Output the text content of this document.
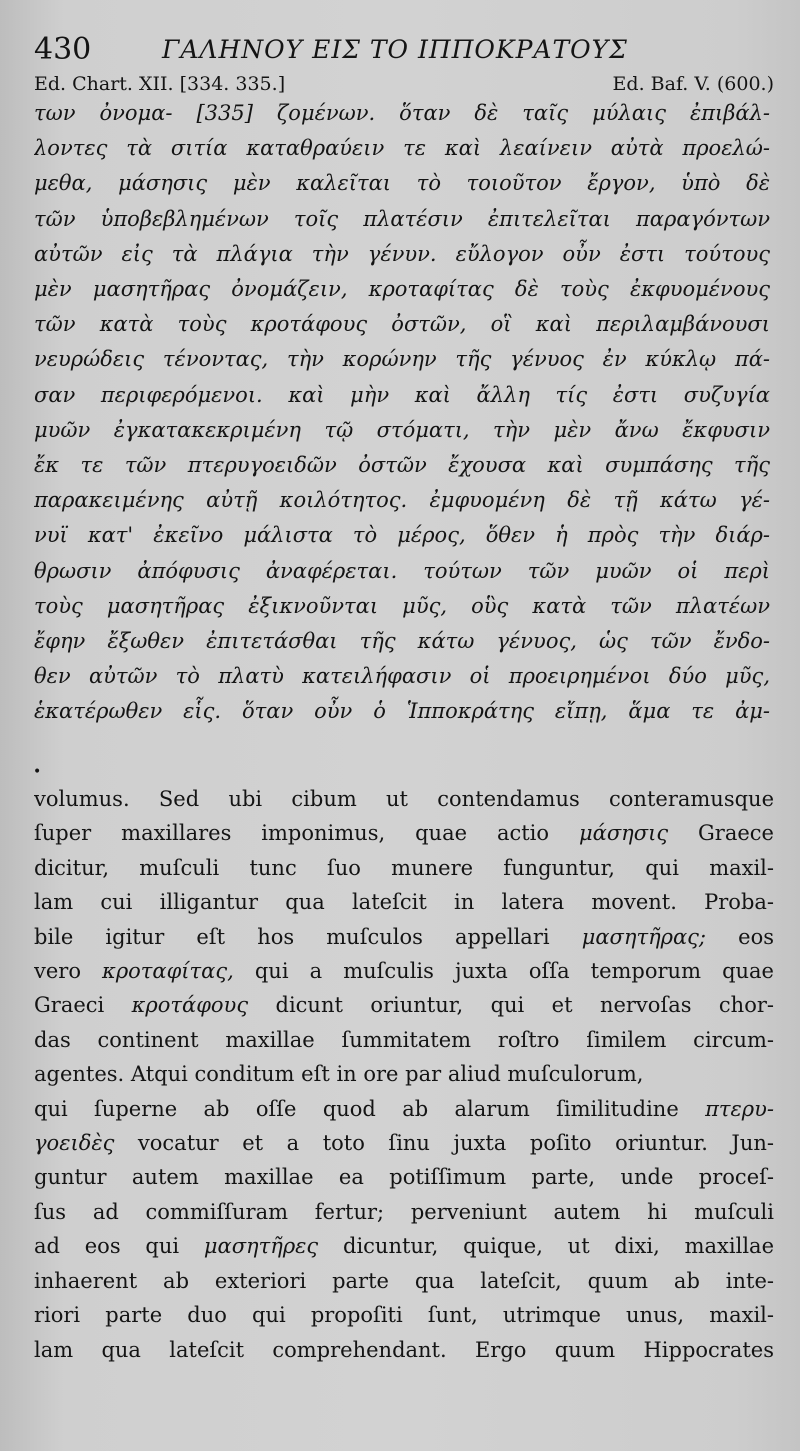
430	ΓΑΛΗΝΟΥ ΕΙΣ ΤΟ ΙΠΠΟΚΡΑΤΟΥΣ
Ed. Chart. XII. [334. 335.]	Ed. Baf. V. (600.)
των ὀνομα- [335] ζομένων. ὅταν δὲ ταῖς μύλαις ἐπιβάλ-
λοντες τὰ σιτία καταθραύειν τε καὶ λεαίνειν αὐτὰ προελώ-
μεθα, μάσησις μὲν καλεῖται τὸ τοιοῦτον ἔργον, ὑπὸ δὲ
τῶν ὑποβεβλημένων τοῖς πλατέσιν ἐπιτελεῖται παραγόντων
αὐτῶν εἰς τὰ πλάγια τὴν γένυν. εὔλογον οὖν ἐστι τούτους
μὲν μασητῆρας ὀνομάζειν, κροταφίτας δὲ τοὺς ἐκφυομένους
τῶν κατὰ τοὺς κροτάφους ὀστῶν, οἳ καὶ περιλαμβάνουσι
νευρώδεις τένοντας, τὴν κορώνην τῆς γένυος ἐν κύκλῳ πά-
σαν περιφερόμενοι. καὶ μὴν καὶ ἄλλη τίς ἐστι συζυγία
μυῶν ἐγκατακεκριμένη τῷ στόματι, τὴν μὲν ἄνω ἔκφυσιν
ἔκ τε τῶν πτερυγοειδῶν ὀστῶν ἔχουσα καὶ συμπάσης τῆς
παρακειμένης αὐτῇ κοιλότητος. ἐμφυομένη δὲ τῇ κάτω γέ-
νυϊ κατ' ἐκεῖνο μάλιστα τὸ μέρος, ὅθεν ἡ πρὸς τὴν διάρ-
θρωσιν ἀπόφυσις ἀναφέρεται. τούτων τῶν μυῶν οἱ περὶ
τοὺς μασητῆρας ἐξικνοῦνται μῦς, οὓς κατὰ τῶν πλατέων
ἔφην ἔξωθεν ἐπιτετάσθαι τῆς κάτω γένυος, ὡς τῶν ἔνδο-
θεν αὐτῶν τὸ πλατὺ κατειλήφασιν οἱ προειρημένοι δύο μῦς,
ἑκατέρωθεν εἷς. ὅταν οὖν ὁ Ἱπποκράτης εἴπῃ, ἅμα τε ἀμ-
•
volumus. Sed ubi cibum ut contendamus conteramusque
ſuper maxillares imponimus, quae actio μάσησις Graece
dicitur, muſculi tunc ſuo munere funguntur, qui maxil-
lam cui illigantur qua lateſcit in latera movent. Proba-
bile igitur eſt hos muſculos appellari μασητῆρας; eos
vero κροταφίτας, qui a muſculis juxta oſſa temporum quae
Graeci κροτάφους dicunt oriuntur, qui et nervoſas chor-
das continent maxillae ſummitatem roſtro ſimilem circum-
agentes. Atqui conditum eſt in ore par aliud muſculorum,
qui ſuperne ab oſſe quod ab alarum ſimilitudine πτερυ-
γοειδὲς vocatur et a toto ſinu juxta poſito oriuntur. Jun-
guntur autem maxillae ea potiſſimum parte, unde proceſ-
ſus ad commiſſuram fertur; perveniunt autem hi muſculi
ad eos qui μασητῆρες dicuntur, quique, ut dixi, maxillae
inhaerent ab exteriori parte qua lateſcit, quum ab inte-
riori parte duo qui propoſiti ſunt, utrimque unus, maxil-
lam qua lateſcit comprehendant. Ergo quum Hippocrates
